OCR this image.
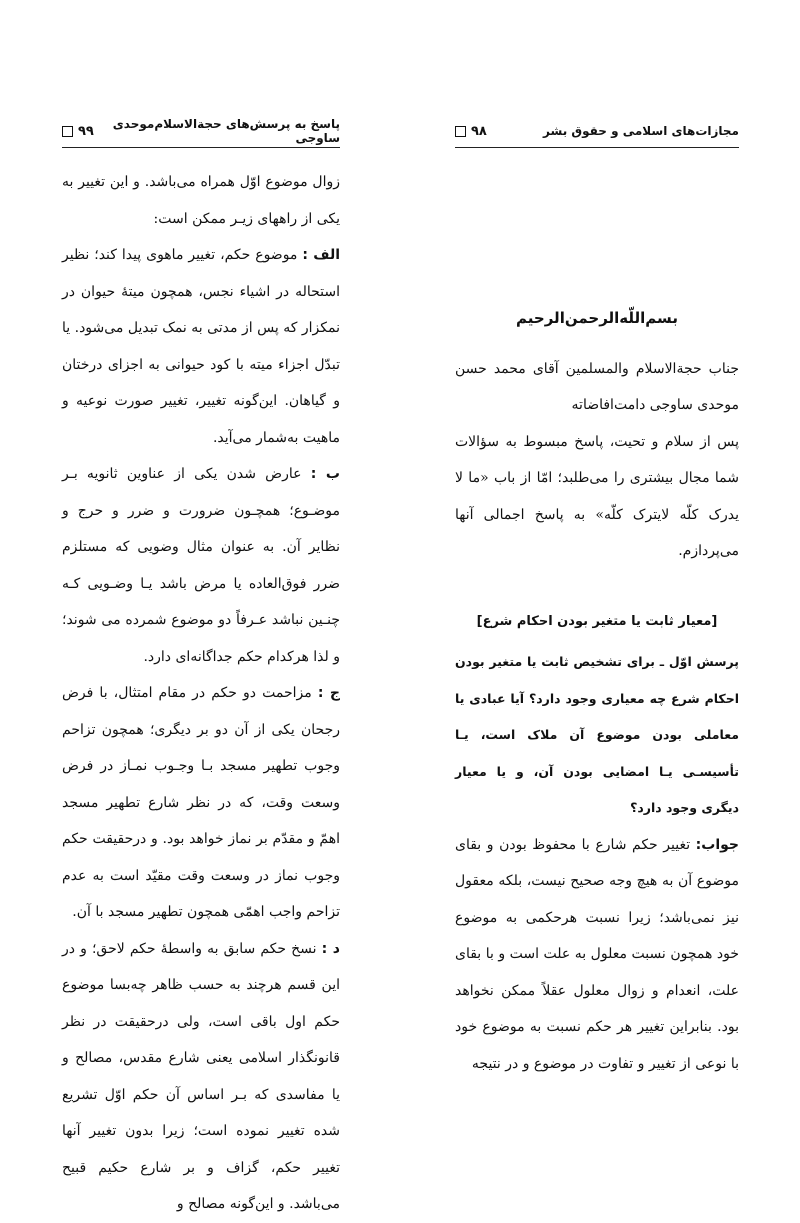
مجازات‌های اسلامی و حقوق بشر
۹۸

بسم‌اللّه‌الرحمن‌الرحیم

جناب حجةالاسلام والمسلمین آقای محمد حسن موحدی ساوجی دامت‌افاضاته

پس از سلام و تحیت، پاسخ مبسوط به سؤالات شما مجال بیشتری را می‌طلبد؛ امّا از باب «ما لا یدرک کلّه لایترک کلّه» به پاسخ اجمالی آنها می‌پردازم.

[معیار ثابت یا متغیر بودن احکام شرع]

پرسش اوّل ـ برای تشخیص ثابت یا متغیر بودن احکام شرع چه معیاری وجود دارد؟ آیا عبادی یا معاملی بودن موضوع آن ملاک است، یـا تأسیسـی یـا امضایی بودن آن، و یا معیار دیگری وجود دارد؟

جواب: تغییر حکم شارع با محفوظ بودن و بقای موضوع آن به هیچ وجه صحیح نیست، بلکه معقول نیز نمی‌باشد؛ زیرا نسبت هرحکمی به موضوع خود همچون نسبت معلول به علت است و با بقای علت، انعدام و زوال معلول عقلاً ممکن نخواهد بود. بنابراین تغییر هر حکم نسبت به موضوع خود با نوعی از تغییر و تفاوت در موضوع و در نتیجه

پاسخ به پرسش‌های حجةالاسلام‌موحدی ساوجی
۹۹

زوال موضوع اوّل همراه می‌باشد. و این تغییر به یکی از راههای زیـر ممکن است:

الف : موضوع حکم، تغییر ماهوی پیدا کند؛ نظیر استحاله در اشیاء نجس، همچون میتهٔ حیوان در نمکزار که پس از مدتی به نمک تبدیل می‌شود. یا تبدّل اجزاء میته با کود حیوانی به اجزای درختان و گیاهان. این‌گونه تغییر، تغییر صورت نوعیه و ماهیت به‌شمار می‌آید.

ب : عارض شدن یکی از عناوین ثانویه بـر موضـوع؛ همچـون ضرورت و ضرر و حرج و نظایر آن. به عنوان مثال وضویی که مستلزم ضرر فوق‌العاده یا مرض باشد یـا وضـویی کـه چنـین نباشد عـرفاً دو موضوع شمرده می شوند؛ و لذا هرکدام حکم جداگانه‌ای دارد.

ج : مزاحمت دو حکم در مقام امتثال، با فرض رجحان یکی از آن دو بر دیگری؛ همچون تزاحم وجوب تطهیر مسجد بـا وجـوب نمـاز در فرض وسعت وقت، که در نظر شارع تطهیر مسجد اهمّ و مقدّم بر نماز خواهد بود. و درحقیقت حکم وجوب نماز در وسعت وقت مقیّد است به عدم تزاحم واجب اهمّی همچون تطهیر مسجد با آن.

د : نسخ حکم سابق به واسطهٔ حکم لاحق؛ و در این قسم هرچند به حسب ظاهر چه‌بسا موضوع حکم اول باقی است، ولی درحقیقت در نظر قانونگذار اسلامی یعنی شارع مقدس، مصالح و یا مفاسدی که بـر اساس آن حکم اوّل تشریع شده تغییر نموده است؛ زیرا بدون تغییر آنها تغییر حکم، گزاف و بر شارع حکیم قبیح می‌باشد. و این‌گونه مصالح و
